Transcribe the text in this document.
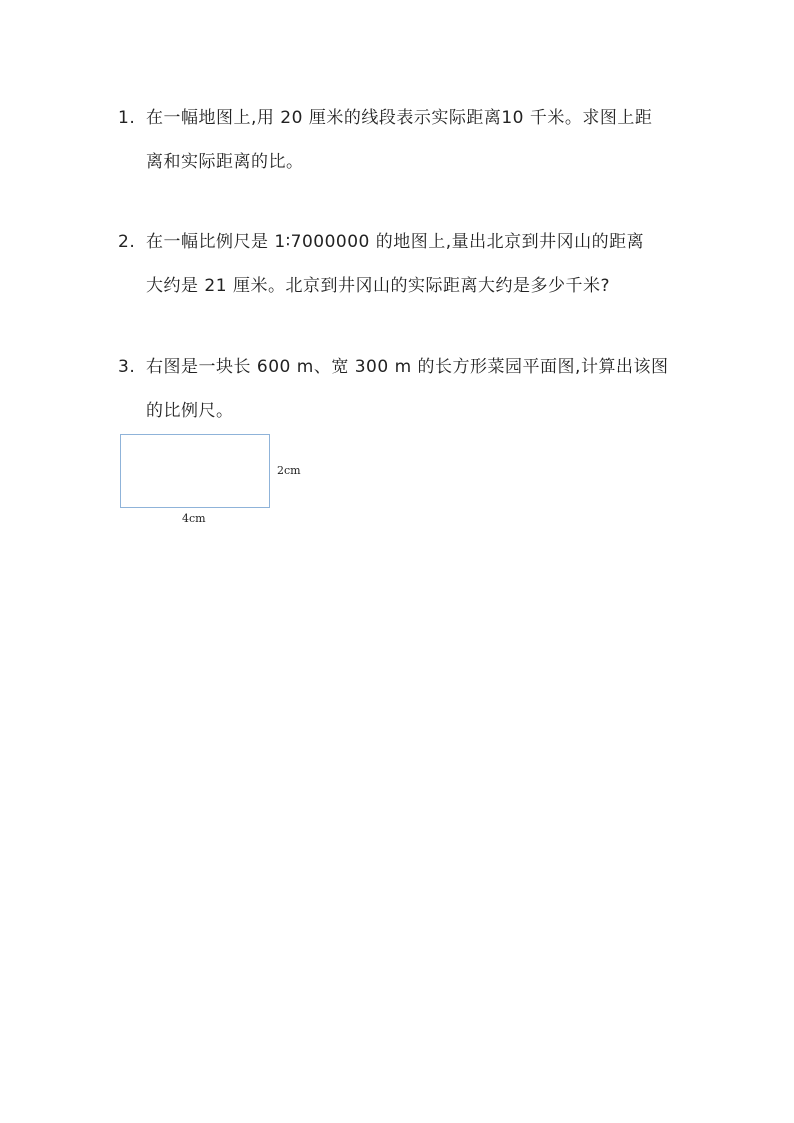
1. 在一幅地图上,用 20 厘米的线段表示实际距离10 千米。求图上距
离和实际距离的比。
2. 在一幅比例尺是 1∶7000000 的地图上,量出北京到井冈山的距离
大约是 21 厘米。北京到井冈山的实际距离大约是多少千米?
3. 右图是一块长 600 m、宽 300 m 的长方形菜园平面图,计算出该图
的比例尺。
2cm
4cm
